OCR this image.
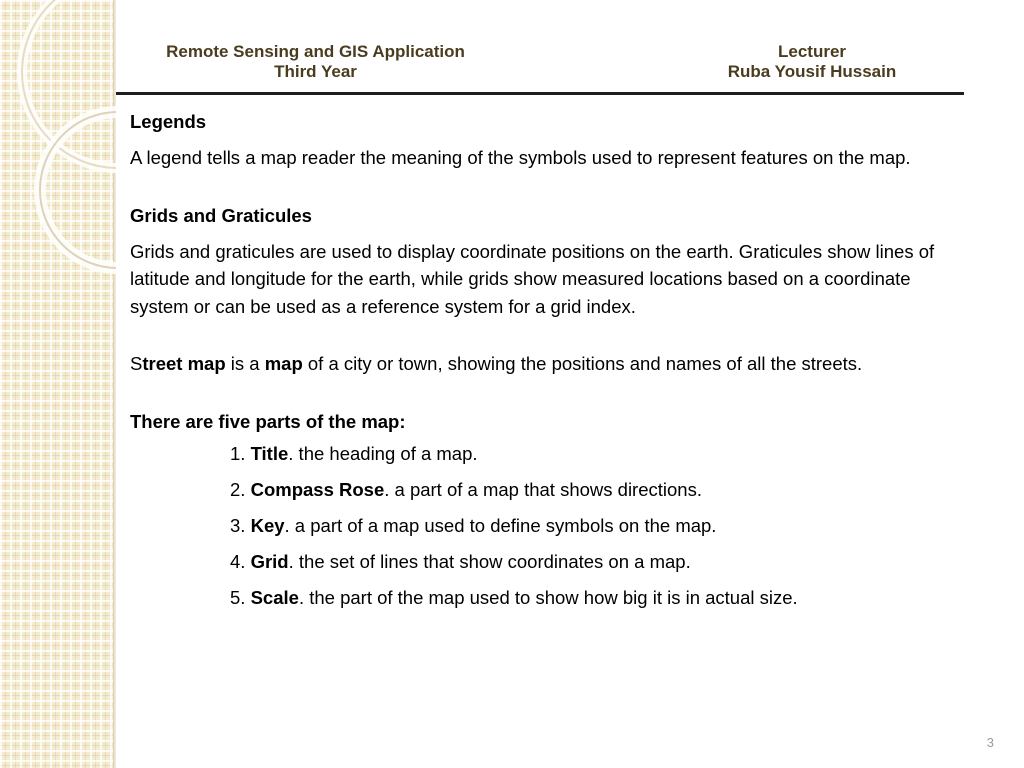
Remote Sensing and GIS Application
Third Year
Lecturer
Ruba Yousif Hussain

Legends

A legend tells a map reader the meaning of the symbols used to represent features on the map.

Grids and Graticules

Grids and graticules are used to display coordinate positions on the earth. Graticules show lines of latitude and longitude for the earth, while grids show measured locations based on a coordinate system or can be used as a reference system for a grid index.

Street map is a map of a city or town, showing the positions and names of all the streets.

There are five parts of the map:

1. Title. the heading of a map.
2. Compass Rose. a part of a map that shows directions.
3. Key. a part of a map used to define symbols on the map.
4. Grid. the set of lines that show coordinates on a map.
5. Scale. the part of the map used to show how big it is in actual size.
3
